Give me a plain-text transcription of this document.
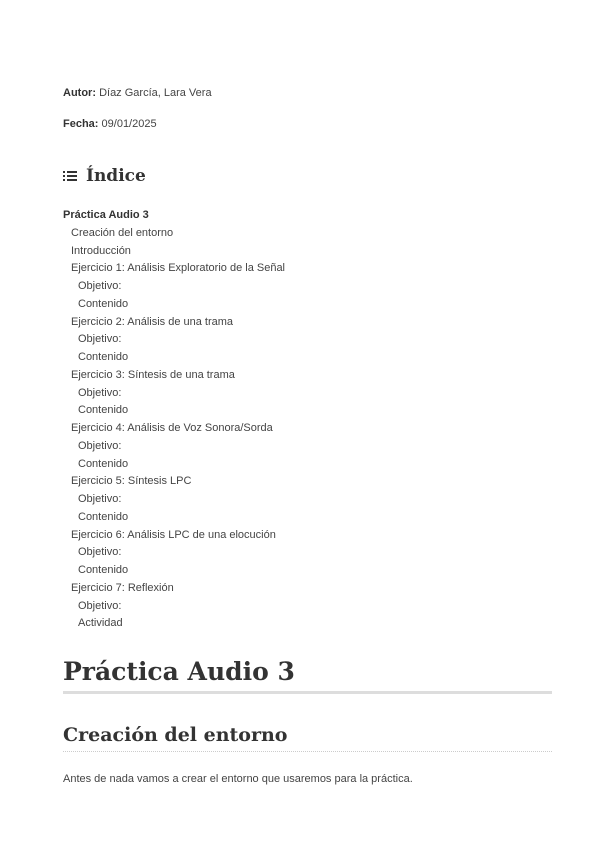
Autor: Díaz García, Lara Vera
Fecha: 09/01/2025
Índice
Práctica Audio 3
Creación del entorno
Introducción
Ejercicio 1: Análisis Exploratorio de la Señal
Objetivo:
Contenido
Ejercicio 2: Análisis de una trama
Objetivo:
Contenido
Ejercicio 3: Síntesis de una trama
Objetivo:
Contenido
Ejercicio 4: Análisis de Voz Sonora/Sorda
Objetivo:
Contenido
Ejercicio 5: Síntesis LPC
Objetivo:
Contenido
Ejercicio 6: Análisis LPC de una elocución
Objetivo:
Contenido
Ejercicio 7: Reflexión
Objetivo:
Actividad
Práctica Audio 3
Creación del entorno

Antes de nada vamos a crear el entorno que usaremos para la práctica.
